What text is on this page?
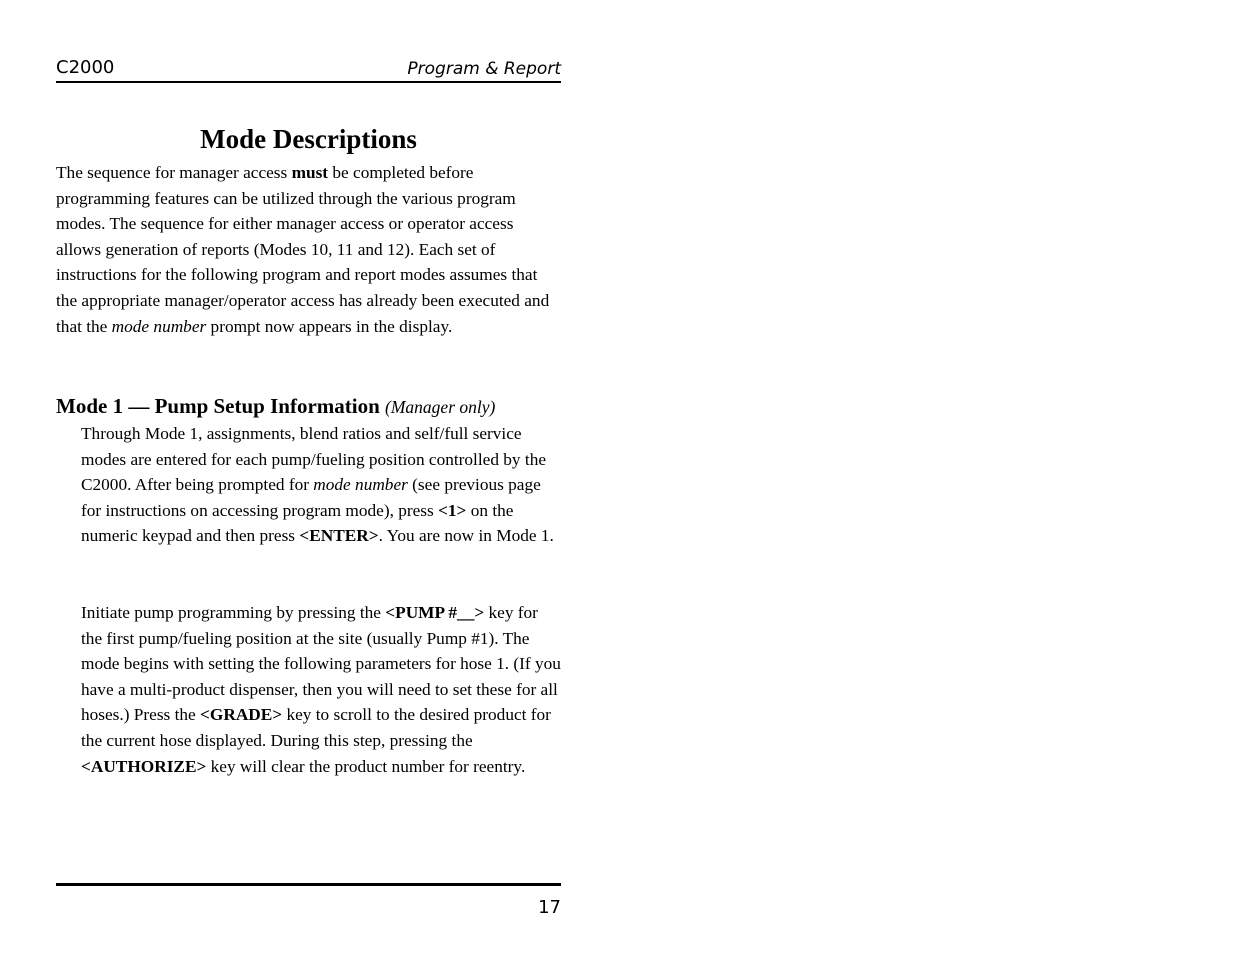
C2000	Program & Report
Mode Descriptions

The sequence for manager access must be completed before programming features can be utilized through the various program modes. The sequence for either manager access or operator access allows generation of reports (Modes 10, 11 and 12). Each set of instructions for the following program and report modes assumes that the appropriate manager/operator access has already been executed and that the mode number prompt now appears in the display.

Mode 1 — Pump Setup Information (Manager only)

Through Mode 1, assignments, blend ratios and self/full service modes are entered for each pump/fueling position controlled by the C2000. After being prompted for mode number (see previous page for instructions on accessing program mode), press <1> on the numeric keypad and then press <ENTER>. You are now in Mode 1.

Initiate pump programming by pressing the <PUMP #__> key for the first pump/fueling position at the site (usually Pump #1). The mode begins with setting the following parameters for hose 1. (If you have a multi-product dispenser, then you will need to set these for all hoses.) Press the <GRADE> key to scroll to the desired product for the current hose displayed. During this step, pressing the <AUTHORIZE> key will clear the product number for reentry.

17
